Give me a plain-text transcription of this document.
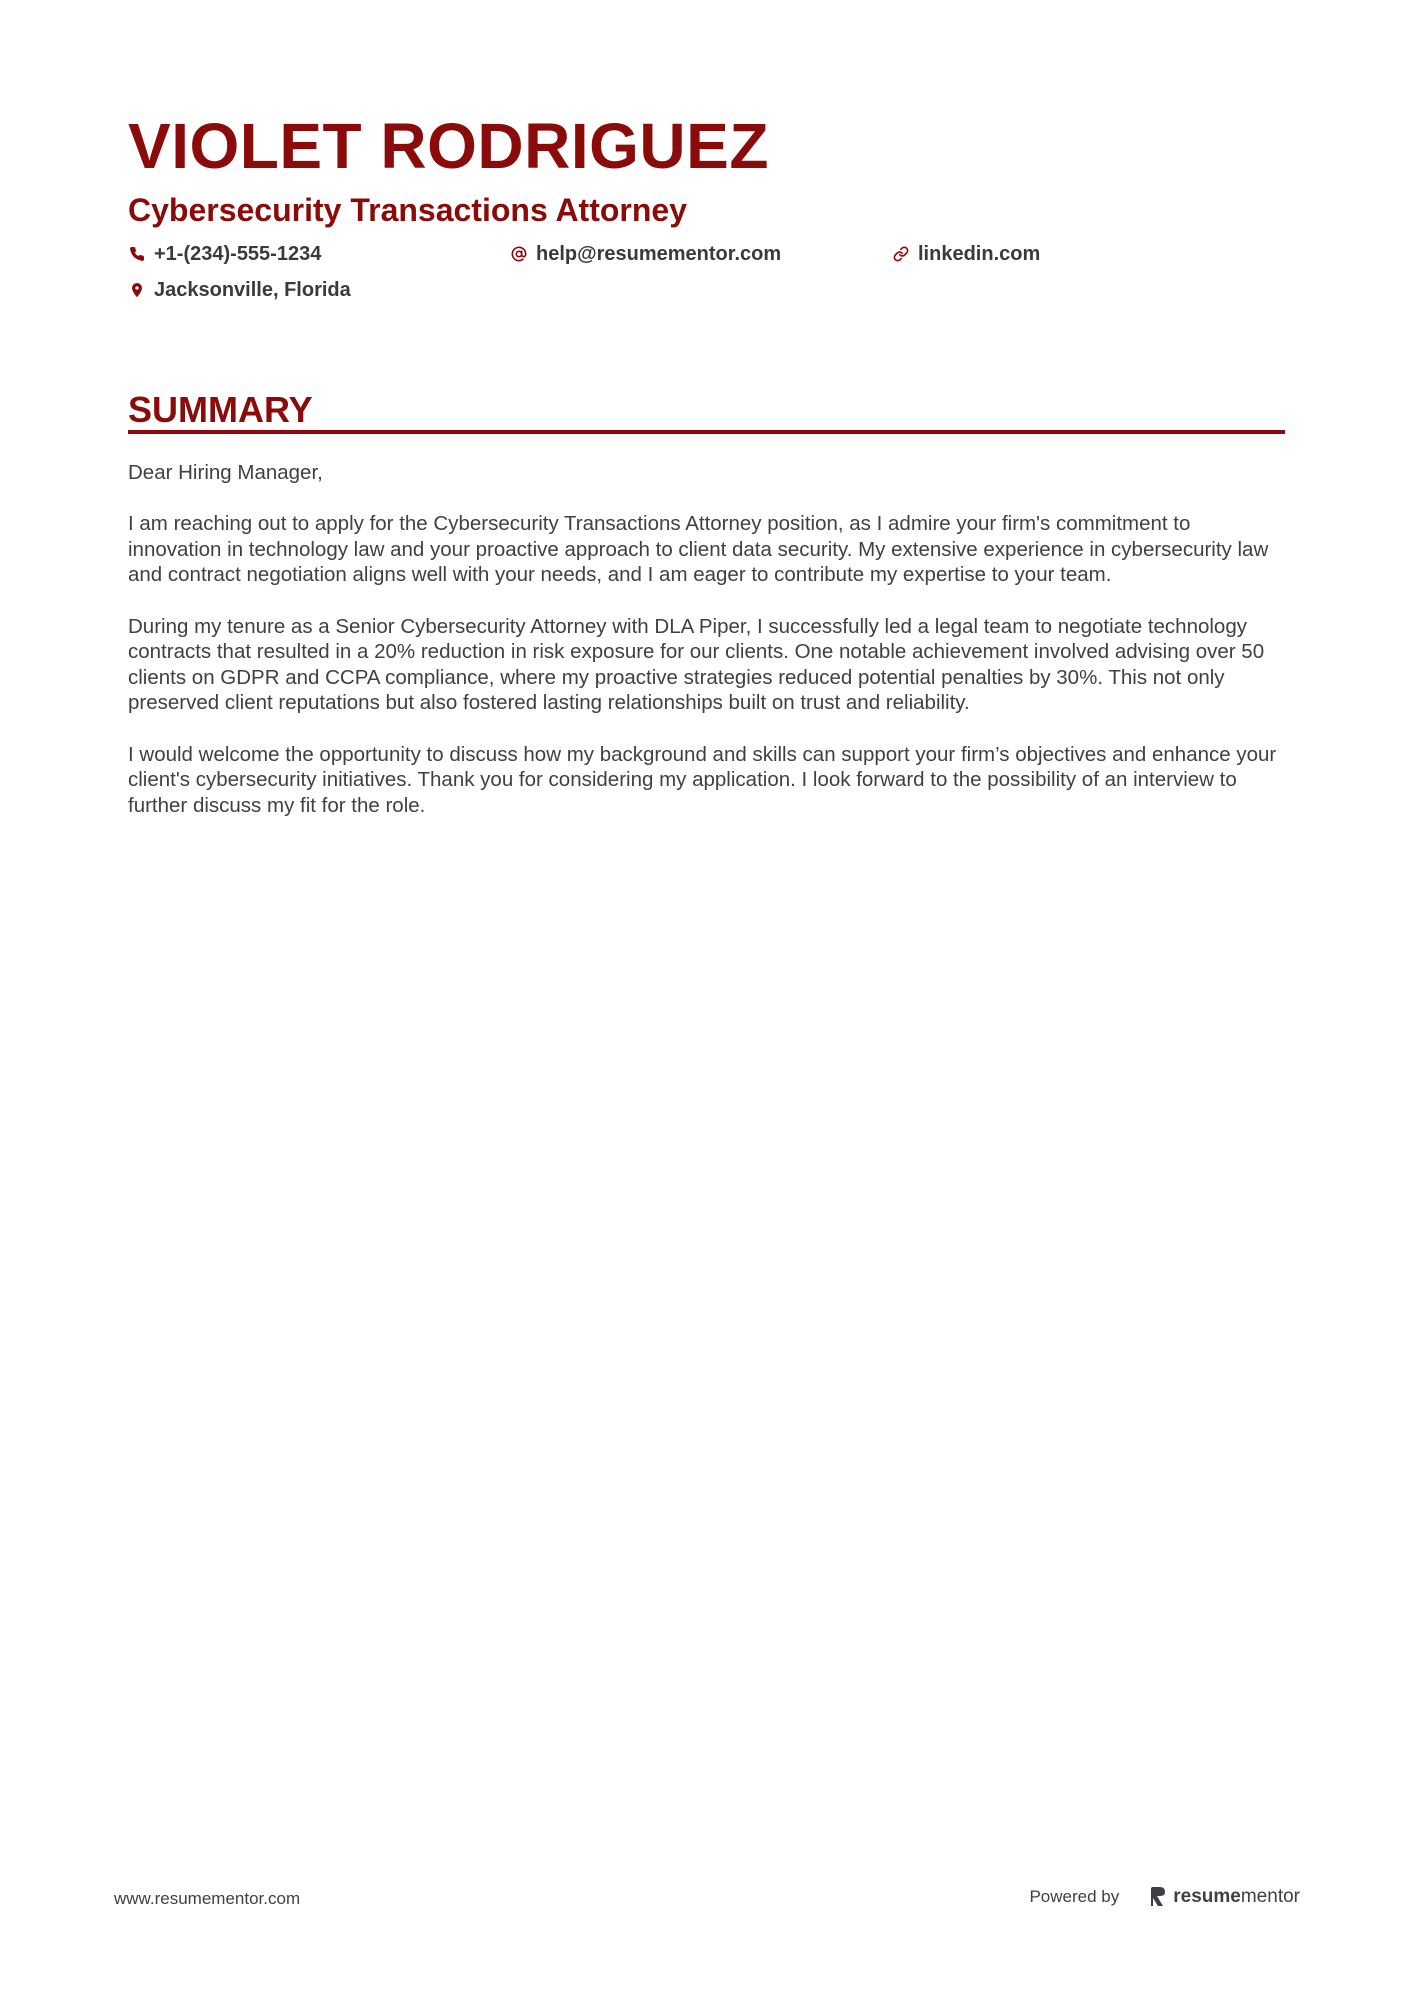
VIOLET RODRIGUEZ
Cybersecurity Transactions Attorney
+1-(234)-555-1234	help@resumementor.com	linkedin.com
Jacksonville, Florida
SUMMARY

Dear Hiring Manager,

I am reaching out to apply for the Cybersecurity Transactions Attorney position, as I admire your firm's commitment to innovation in technology law and your proactive approach to client data security. My extensive experience in cybersecurity law and contract negotiation aligns well with your needs, and I am eager to contribute my expertise to your team.

During my tenure as a Senior Cybersecurity Attorney with DLA Piper, I successfully led a legal team to negotiate technology contracts that resulted in a 20% reduction in risk exposure for our clients. One notable achievement involved advising over 50 clients on GDPR and CCPA compliance, where my proactive strategies reduced potential penalties by 30%. This not only preserved client reputations but also fostered lasting relationships built on trust and reliability.

I would welcome the opportunity to discuss how my background and skills can support your firm’s objectives and enhance your client's cybersecurity initiatives. Thank you for considering my application. I look forward to the possibility of an interview to further discuss my fit for the role.

www.resumementor.com	Powered by	resume mentor
